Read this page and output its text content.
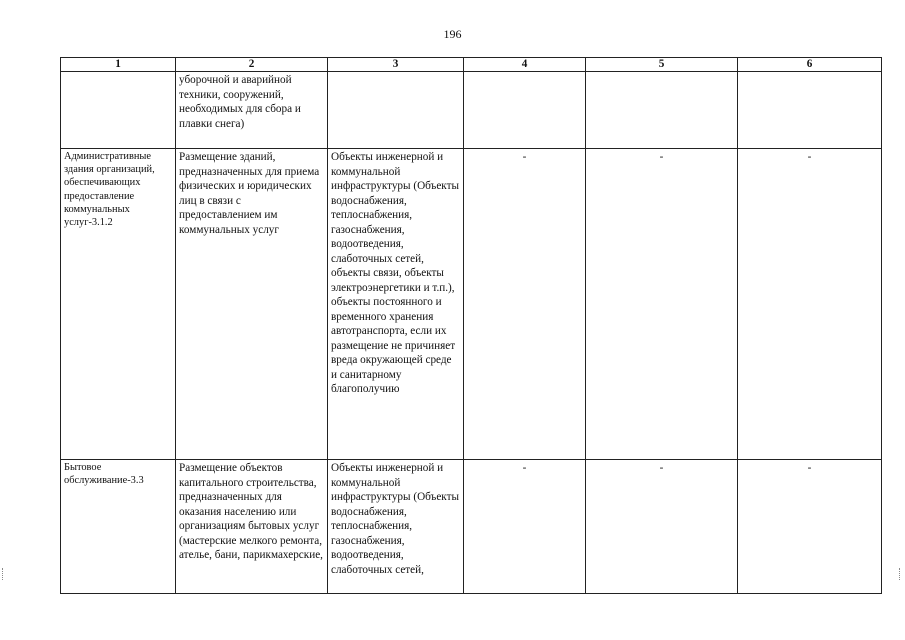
196
1	2	3	4	5	6
	уборочной и аварийной техники, сооружений, необходимых для сбора и плавки снега)				
Административные здания организаций, обеспечивающих предоставление коммунальных услуг-3.1.2	Размещение зданий, предназначенных для приема физических и юридических лиц в связи с предоставлением им коммунальных услуг	Объекты инженерной и коммунальной инфраструктуры (Объекты водоснабжения, теплоснабжения, газоснабжения, водоотведения, слаботочных сетей, объекты связи, объекты электроэнергетики и т.п.), объекты постоянного и временного хранения автотранспорта, если их размещение не причиняет вреда окружающей среде и санитарному благополучию	-	-	-
Бытовое обслуживание-3.3	Размещение объектов капитального строительства, предназначенных для оказания населению или организациям бытовых услуг (мастерские мелкого ремонта, ателье, бани, парикмахерские,	Объекты инженерной и коммунальной инфраструктуры (Объекты водоснабжения, теплоснабжения, газоснабжения, водоотведения, слаботочных сетей,	-	-	-
